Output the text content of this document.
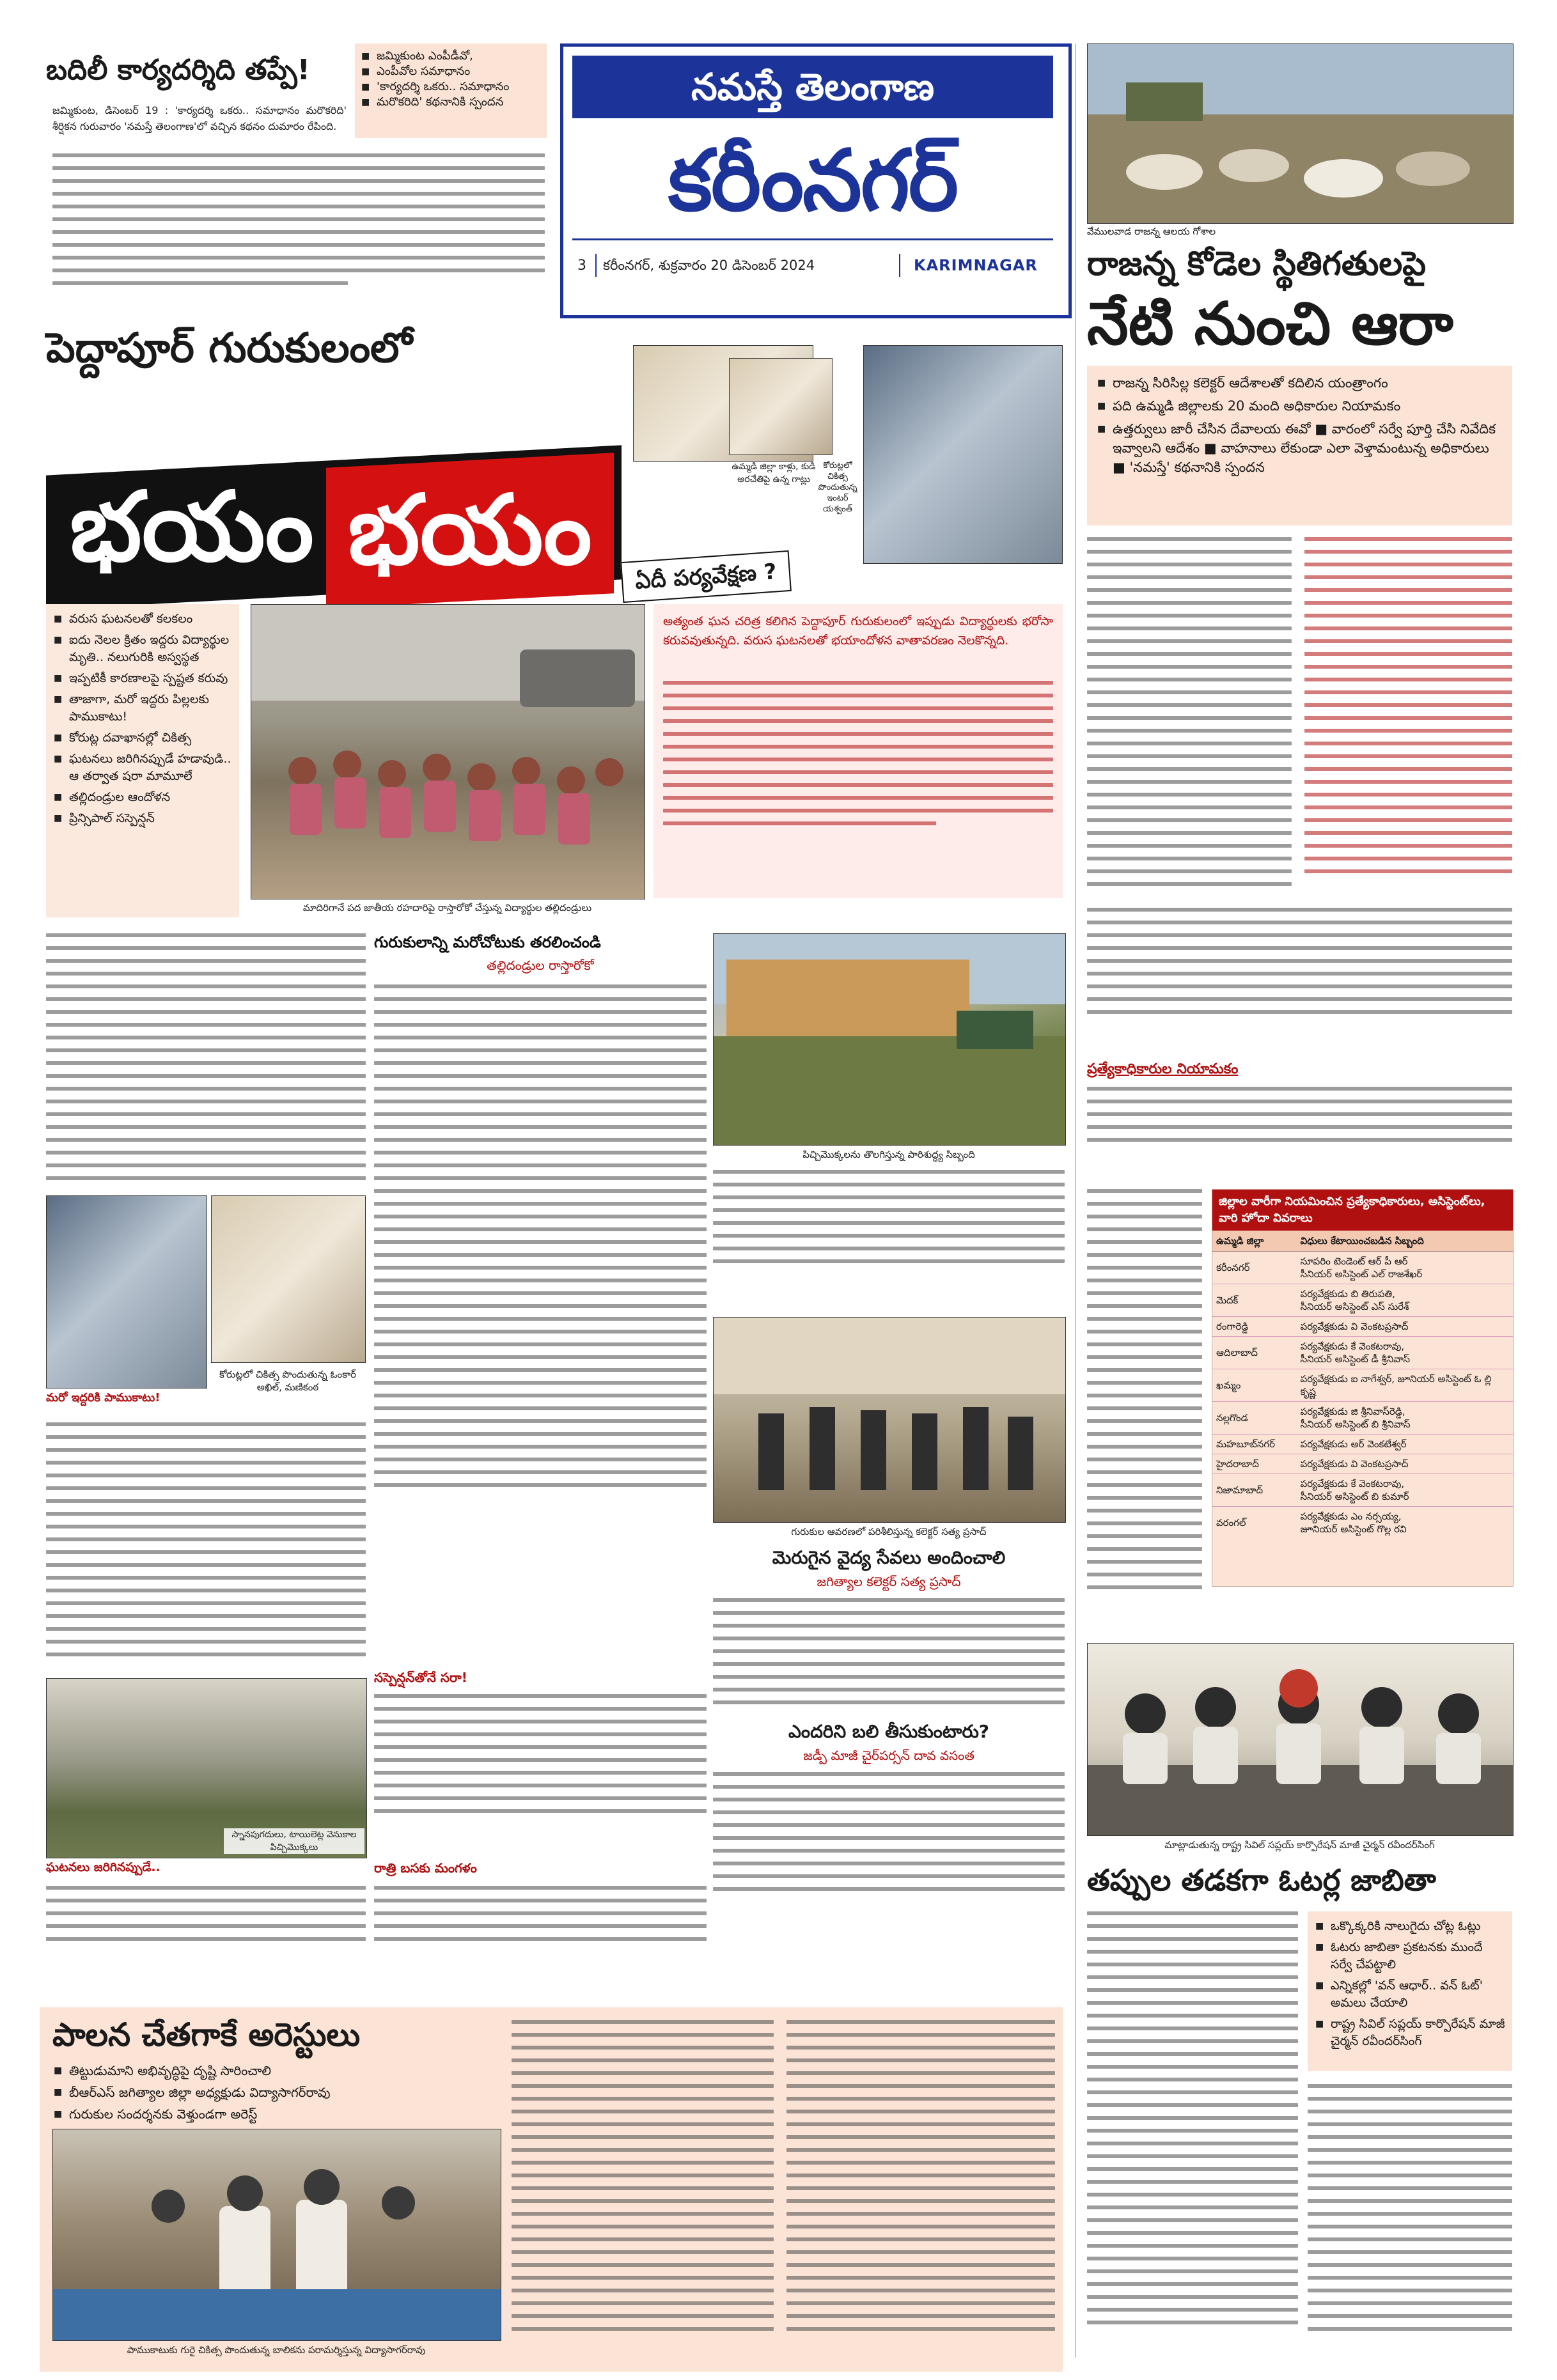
నమస్తే తెలంగాణ
కరీంనగర్
3 కరీంనగర్, శుక్రవారం 20 డిసెంబర్ 2024	KARIMNAGAR
బదిలీ కార్యదర్శిది తప్పే!	■ జమ్మికుంట ఎంపీడీవో,
■ ఎంపీవోల సమాధానం
■ 'కార్యదర్శి ఒకరు.. సమాధానం
■ మరొకరిది' కథనానికి స్పందన
జమ్మికుంట, డిసెంబర్ 19 : 'కార్యదర్శి ఒకరు.. సమాధానం మరొకరిది' శీర్షికన గురువారం 'నమస్తే తెలంగాణ'లో వచ్చిన కథనం దుమారం రేపింది.
వేములవాడ రాజన్న ఆలయ గోశాల
రాజన్న కోడెల స్థితిగతులపై
నేటి నుంచి ఆరా
■ రాజన్న సిరిసిల్ల కలెక్టర్ ఆదేశాలతో కదిలిన యంత్రాంగం
■ పది ఉమ్మడి జిల్లాలకు 20 మంది అధికారుల నియామకం
■ ఉత్తర్వులు జారీ చేసిన దేవాలయ ఈవో ■ వారంలో సర్వే పూర్తి చేసి నివేదిక ఇవ్వాలని ఆదేశం ■ వాహనాలు లేకుండా ఎలా వెళ్తామంటున్న అధికారులు ■ 'నమస్తే' కథనానికి స్పందన
ప్రత్యేకాధికారుల నియామకం
జిల్లాల వారీగా నియమించిన ప్రత్యేకాధికారులు, అసిస్టెంట్‌లు, వారి హోదా వివరాలు
ఉమ్మడి జిల్లా	విధులు కేటాయించబడిన సిబ్బంది
కరీంనగర్	సూపరిం టెండెంట్ ఆర్ పీ ఆర్
సీనియర్ అసిస్టెంట్ ఎల్ రాజశేఖర్

మెదక్	పర్యవేక్షకుడు బి తిరుపతి,
సీనియర్ అసిస్టెంట్ ఎస్ సురేశ్

రంగారెడ్డి	పర్యవేక్షకుడు వి వెంకటప్రసాద్

ఆదిలాబాద్	పర్యవేక్షకుడు కే వెంకటరావు,
సీనియర్ అసిస్టెంట్ డీ శ్రీనివాస్

ఖమ్మం	పర్యవేక్షకుడు ఐ నాగేశ్వర్, జూనియర్ అసిస్టెంట్ ఓ ల్లి కృష్ణ

నల్లగొండ	పర్యవేక్షకుడు జి శ్రీనివాస్‌రెడ్డి,
సీనియర్ అసిస్టెంట్ బి శ్రీనివాస్

మహబూబ్‌నగర్	పర్యవేక్షకుడు అర్ వెంకటేశ్వర్

హైదరాబాద్	పర్యవేక్షకుడు వి వెంకటప్రసాద్

నిజామాబాద్	పర్యవేక్షకుడు కే వెంకటరావు,
సీనియర్ అసిస్టెంట్ బి కుమార్

వరంగల్	పర్యవేక్షకుడు ఎం నర్సయ్య,
జూనియర్ అసిస్టెంట్ గొల్ల రవి
పెద్దాపూర్ గురుకులంలో
భయం భయం	ఏదీ పర్యవేక్షణ ?
ఉమ్మడి జిల్లా కాళ్లు, కుడి అరచేతిపై ఉన్న గాట్లు
కోరుట్లలో చికిత్స పొందుతున్న ఇంటర్ యశ్వంత్
■ వరుస ఘటనలతో కలకలం
■ ఐదు నెలల క్రితం ఇద్దరు విద్యార్థుల మృతి.. నలుగురికి అస్వస్థత
■ ఇప్పటికీ కారణాలపై స్పష్టత కరువు
■ తాజాగా, మరో ఇద్దరు పిల్లలకు పాముకాటు!
■ కోరుట్ల దవాఖానల్లో చికిత్స
■ ఘటనలు జరిగినప్పుడే హడావుడి.. ఆ తర్వాత షరా మామూలే
■ తల్లిదండ్రుల ఆందోళన
■ ప్రిన్సిపాల్ సస్పెన్షన్
మాదిరిగానే పద జాతీయ రహదారిపై రాస్తారోకో చేస్తున్న విద్యార్థుల తల్లిదండ్రులు
అత్యంత ఘన చరిత్ర కలిగిన పెద్దాపూర్ గురుకులంలో ఇప్పుడు విద్యార్థులకు భరోసా కరువవుతున్నది. వరుస ఘటనలతో భయాందోళన వాతావరణం నెలకొన్నది.
కోరుట్లలో చికిత్స పొందుతున్న ఓంకార్ అఖిల్, మణికంఠ
మరో ఇద్దరికి పాముకాటు!
స్నానపుగదులు, టాయిలెట్ల వెనుకాల పిచ్చిమొక్కలు
ఘటనలు జరిగినప్పుడే..
గురుకులాన్ని మరోచోటుకు తరలించండి
తల్లిదండ్రుల రాస్తారోకో
సస్పెన్షన్‌తోనే సరా!
రాత్రి బసకు మంగళం
పిచ్చిమొక్కలను తొలగిస్తున్న పారిశుద్ధ్య సిబ్బంది
గురుకుల ఆవరణలో పరిశీలిస్తున్న కలెక్టర్ సత్య ప్రసాద్
మెరుగైన వైద్య సేవలు అందించాలి
జగిత్యాల కలెక్టర్ సత్య ప్రసాద్
ఎందరిని బలి తీసుకుంటారు?
జడ్పీ మాజీ చైర్‌పర్సన్ దావ వసంత
పాలన చేతగాకే అరెస్టులు
■ తిట్టుడుమాని అభివృద్ధిపై దృష్టి సారించాలి
■ బీఆర్ఎస్ జగిత్యాల జిల్లా అధ్యక్షుడు విద్యాసాగర్‌రావు
■ గురుకుల సందర్శనకు వెళ్తుండగా అరెస్ట్
పాముకాటుకు గురై చికిత్స పొందుతున్న బాలికను పరామర్శిస్తున్న విద్యాసాగర్‌రావు
మాట్లాడుతున్న రాష్ట్ర సివిల్ సప్లయ్‌ కార్పొరేషన్ మాజీ చైర్మన్ రవీందర్‌సింగ్
తప్పుల తడకగా ఓటర్ల జాబితా
■ ఒక్కొక్కరికి నాలుగైదు చోట్ల ఓట్లు
■ ఓటరు జాబితా ప్రకటనకు ముందే సర్వే చేపట్టాలి
■ ఎన్నికల్లో 'వన్ ఆధార్.. వన్ ఓట్' అమలు చేయాలి
■ రాష్ట్ర సివిల్ సప్లయ్‌ కార్పొరేషన్ మాజీ చైర్మన్ రవీందర్‌సింగ్
